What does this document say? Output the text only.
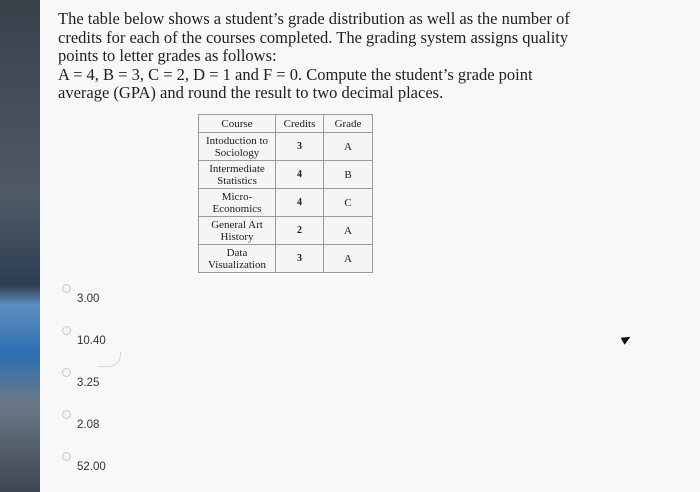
The table below shows a student’s grade distribution as well as the number of
credits for each of the courses completed. The grading system assigns quality
points to letter grades as follows:
A = 4, B = 3, C = 2, D = 1 and F = 0. Compute the student’s grade point
average (GPA) and round the result to two decimal places.
Course	Credits	Grade
Intoduction to
Sociology	3	A
Intermediate
Statistics	4	B
Micro-
Economics	4	C
General Art
History	2	A
Data
Visualization	3	A
3.00
10.40
3.25
2.08
52.00
